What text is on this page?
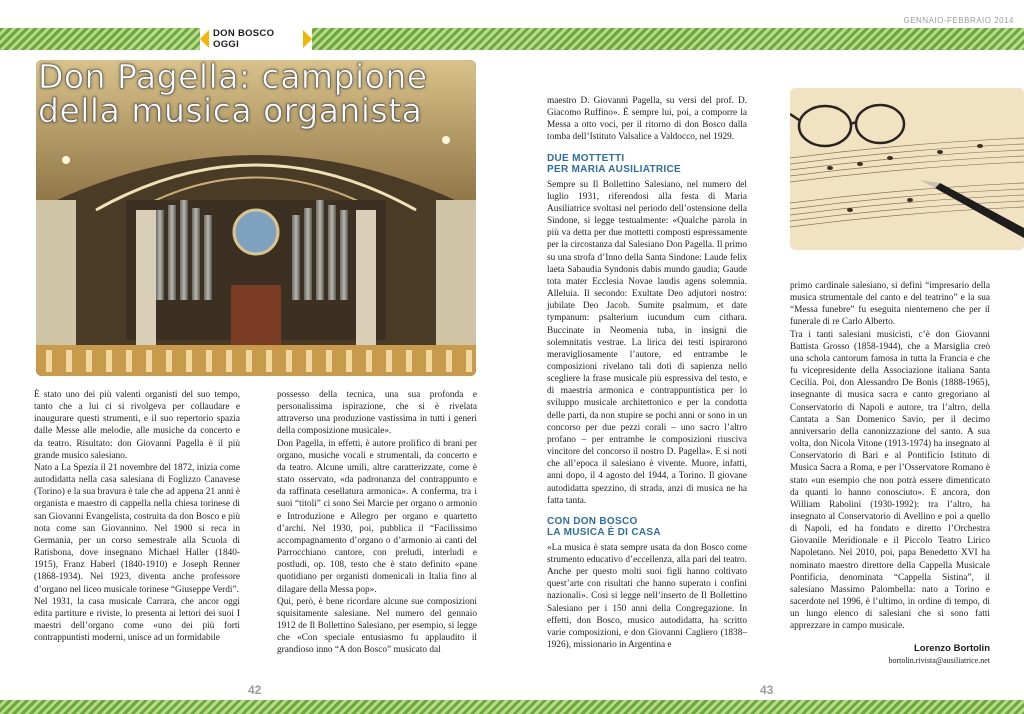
GENNAIO-FEBBRAIO 2014
DON BOSCO OGGI
Don Pagella: campione della musica organista

È stato uno dei più valenti organisti del suo tempo, tanto che a lui ci si rivolgeva per collaudare e inaugurare questi strumenti, e il suo repertorio spazia dalle Messe alle melodie, alle musiche da concerto e da teatro. Risultato: don Giovanni Pagella è il più grande musico salesiano.

Nato a La Spezia il 21 novembre del 1872, inizia come autodidatta nella casa salesiana di Foglizzo Canavese (Torino) e la sua bravura è tale che ad appena 21 anni è organista e maestro di cappella nella chiesa torinese di san Giovanni Evangelista, costruita da don Bosco e più nota come san Giovannino. Nel 1900 si reca in Germania, per un corso semestrale alla Scuola di Ratisbona, dove insegnano Michael Haller (1840-1915), Franz Haberl (1840-1910) e Joseph Renner (1868-1934). Nel 1923, diventa anche professore d’organo nel liceo musicale torinese “Giuseppe Verdi”.

Nel 1931, la casa musicale Carrara, che ancor oggi edita partiture e riviste, lo presenta ai lettori dei suoi I maestri dell’organo come «uno dei più forti contrappuntisti moderni, unisce ad un formidabile

possesso della tecnica, una sua profonda e personalissima ispirazione, che si è rivelata attraverso una produzione vastissima in tutti i generi della composizione musicale».

Don Pagella, in effetti, è autore prolifico di brani per organo, musiche vocali e strumentali, da concerto e da teatro. Alcune umili, altre caratterizzate, come è stato osservato, «da padronanza del contrappunto e da raffinata cesellatura armonica». A conferma, tra i suoi “titoli” ci sono Sei Marcie per organo o armonio e Introduzione e Allegro per organo e quartetto d’archi. Nel 1930, poi, pubblica il “Facilissimo accompagnamento d’organo o d’armonio ai canti del Parrocchiano cantore, con preludi, interludi e postludi, op. 108, testo che è stato definito «pane quotidiano per organisti domenicali in Italia fino al dilagare della Messa pop».

Qui, però, è bene ricordare alcune sue composizioni squisitamente salesiane. Nel numero del gennaio 1912 de Il Bollettino Salesiano, per esempio, si legge che «Con speciale entusiasmo fu applaudito il grandioso inno “A don Bosco” musicato dal

maestro D. Giovanni Pagella, su versi del prof. D. Giacomo Ruffino». È sempre lui, poi, a comporre la Messa a otto voci, per il ritorno di don Bosco dalla tomba dell’Istituto Valsalice a Valdocco, nel 1929.

DUE MOTTETTI
PER MARIA AUSILIATRICE

Sempre su Il Bollettino Salesiano, nel numero del luglio 1931, riferendosi alla festa di Maria Ausiliatrice svoltasi nel periodo dell’ostensione della Sindone, si legge testualmente: «Qualche parola in più va detta per due mottetti composti espressamente per la circostanza dal Salesiano Don Pagella. Il primo su una strofa d’Inno della Santa Sindone: Laude felix laeta Sabaudia Syndonis dabis mundo gaudia; Gaude tota mater Ecclesia Novae laudis agens solemnia. Alleluia. Il secondo: Exultate Deo adjutori nostro: jubilate Deo Jacob. Sumite psalmum, et date tympanum: psalterium iucundum cum cithara. Buccinate in Neomenia tuba, in insigni die solemnitatis vestrae. La lirica dei testi ispirarono meravigliosamente l’autore, ed entrambe le composizioni rivelano tali doti di sapienza nello scegliere la frase musicale più espressiva del testo, e di maestria armonica e contrappuntistica per lo sviluppo musicale architettonico e per la condotta delle parti, da non stupire se pochi anni or sono in un concorso per due pezzi corali – uno sacro l’altro profano – per entrambe le composizioni riusciva vincitore del concorso il nostro D. Pagella». E si noti che all’epoca il salesiano è vivente. Muore, infatti, anni dopo, il 4 agosto del 1944, a Torino. Il giovane autodidatta spezzino, di strada, anzi di musica ne ha fatta tanta.

CON DON BOSCO
LA MUSICA È DI CASA

«La musica è stata sempre usata da don Bosco come strumento educativo d’eccellenza, alla pari del teatro. Anche per questo molti suoi figli hanno coltivato quest’arte con risultati che hanno superato i confini nazionali». Così si legge nell’inserto de Il Bollettino Salesiano per i 150 anni della Congregazione. In effetti, don Bosco, musico autodidatta, ha scritto varie composizioni, e don Giovanni Cagliero (1838–1926), missionario in Argentina e

primo cardinale salesiano, si definì “impresario della musica strumentale del canto e del teatrino” e la sua “Messa funebre” fu eseguita nientemeno che per il funerale di re Carlo Alberto.

Tra i tanti salesiani musicisti, c’è don Giovanni Battista Grosso (1858-1944), che a Marsiglia creò una schola cantorum famosa in tutta la Francia e che fu vicepresidente della Associazione italiana Santa Cecilia. Poi, don Alessandro De Bonis (1888-1965), insegnante di musica sacra e canto gregoriano al Conservatorio di Napoli e autore, tra l’altro, della Cantata a San Domenico Savio, per il decimo anniversario della canonizzazione del santo. A sua volta, don Nicola Vitone (1913-1974) ha insegnato al Conservatorio di Bari e al Pontificio Istituto di Musica Sacra a Roma, e per l’Osservatore Romano è stato «un esempio che non potrà essere dimenticato da quanti lo hanno conosciuto». E ancora, don William Rabolini (1930-1992): tra l’altro, ha insegnato al Conservatorio di Avellino e poi a quello di Napoli, ed ha fondato e diretto l’Orchestra Giovanile Meridionale e il Piccolo Teatro Lirico Napoletano. Nel 2010, poi, papa Benedetto XVI ha nominato maestro direttore della Cappella Musicale Pontificia, denominata “Cappella Sistina”, il salesiano Massimo Palombella: nato a Torino e sacerdote nel 1996, è l’ultimo, in ordine di tempo, di un lungo elenco di salesiani che si sono fatti apprezzare in campo musicale.

Lorenzo Bortolin
bortolin.rivista@ausiliatrice.net
42	43
